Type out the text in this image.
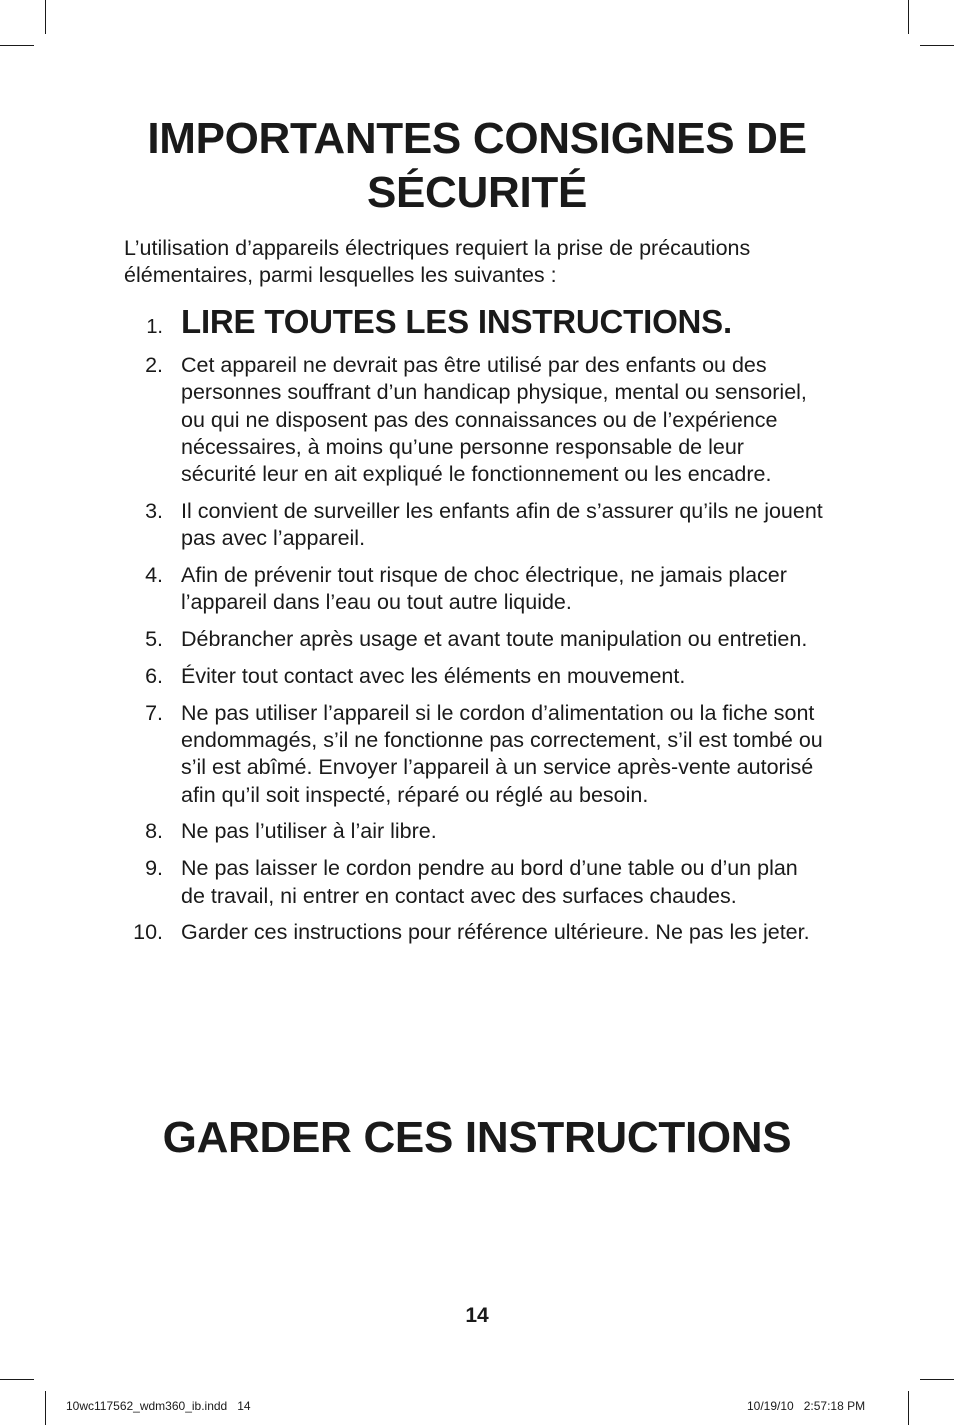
IMPORTANTES CONSIGNES DE
SÉCURITÉ

L’utilisation d’appareils électriques requiert la prise de précautions élémentaires, parmi lesquelles les suivantes :

1. LIRE TOUTES LES INSTRUCTIONS.
2. Cet appareil ne devrait pas être utilisé par des enfants ou des personnes souffrant d’un handicap physique, mental ou sensoriel, ou qui ne disposent pas des connaissances ou de l’expérience nécessaires, à moins qu’une personne responsable de leur sécurité leur en ait expliqué le fonctionnement ou les encadre.
3. Il convient de surveiller les enfants afin de s’assurer qu’ils ne jouent pas avec l’appareil.
4. Afin de prévenir tout risque de choc électrique, ne jamais placer l’appareil dans l’eau ou tout autre liquide.
5. Débrancher après usage et avant toute manipulation ou entretien.
6. Éviter tout contact avec les éléments en mouvement.
7. Ne pas utiliser l’appareil si le cordon d’alimentation ou la fiche sont endommagés, s’il ne fonctionne pas correctement, s’il est tombé ou s’il est abîmé. Envoyer l’appareil à un service après-vente autorisé afin qu’il soit inspecté, réparé ou réglé au besoin.
8. Ne pas l’utiliser à l’air libre.
9. Ne pas laisser le cordon pendre au bord d’une table ou d’un plan de travail, ni entrer en contact avec des surfaces chaudes.
10. Garder ces instructions pour référence ultérieure. Ne pas les jeter.
GARDER CES INSTRUCTIONS
14
10wc117562_wdm360_ib.indd   14	10/19/10   2:57:18 PM
